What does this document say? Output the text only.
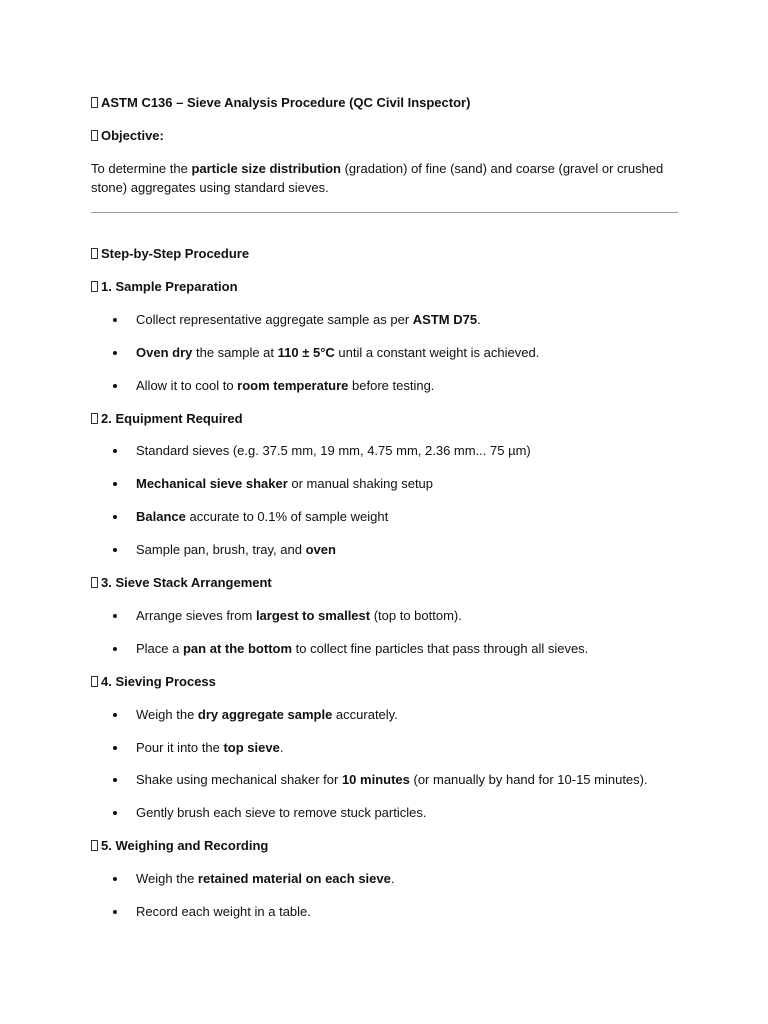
ASTM C136 – Sieve Analysis Procedure (QC Civil Inspector)
Objective:
To determine the particle size distribution (gradation) of fine (sand) and coarse (gravel or crushed stone) aggregates using standard sieves.
Step-by-Step Procedure
1. Sample Preparation
Collect representative aggregate sample as per ASTM D75.
Oven dry the sample at 110 ± 5°C until a constant weight is achieved.
Allow it to cool to room temperature before testing.
2. Equipment Required
Standard sieves (e.g. 37.5 mm, 19 mm, 4.75 mm, 2.36 mm... 75 µm)
Mechanical sieve shaker or manual shaking setup
Balance accurate to 0.1% of sample weight
Sample pan, brush, tray, and oven
3. Sieve Stack Arrangement
Arrange sieves from largest to smallest (top to bottom).
Place a pan at the bottom to collect fine particles that pass through all sieves.
4. Sieving Process
Weigh the dry aggregate sample accurately.
Pour it into the top sieve.
Shake using mechanical shaker for 10 minutes (or manually by hand for 10-15 minutes).
Gently brush each sieve to remove stuck particles.
5. Weighing and Recording
Weigh the retained material on each sieve.
Record each weight in a table.
